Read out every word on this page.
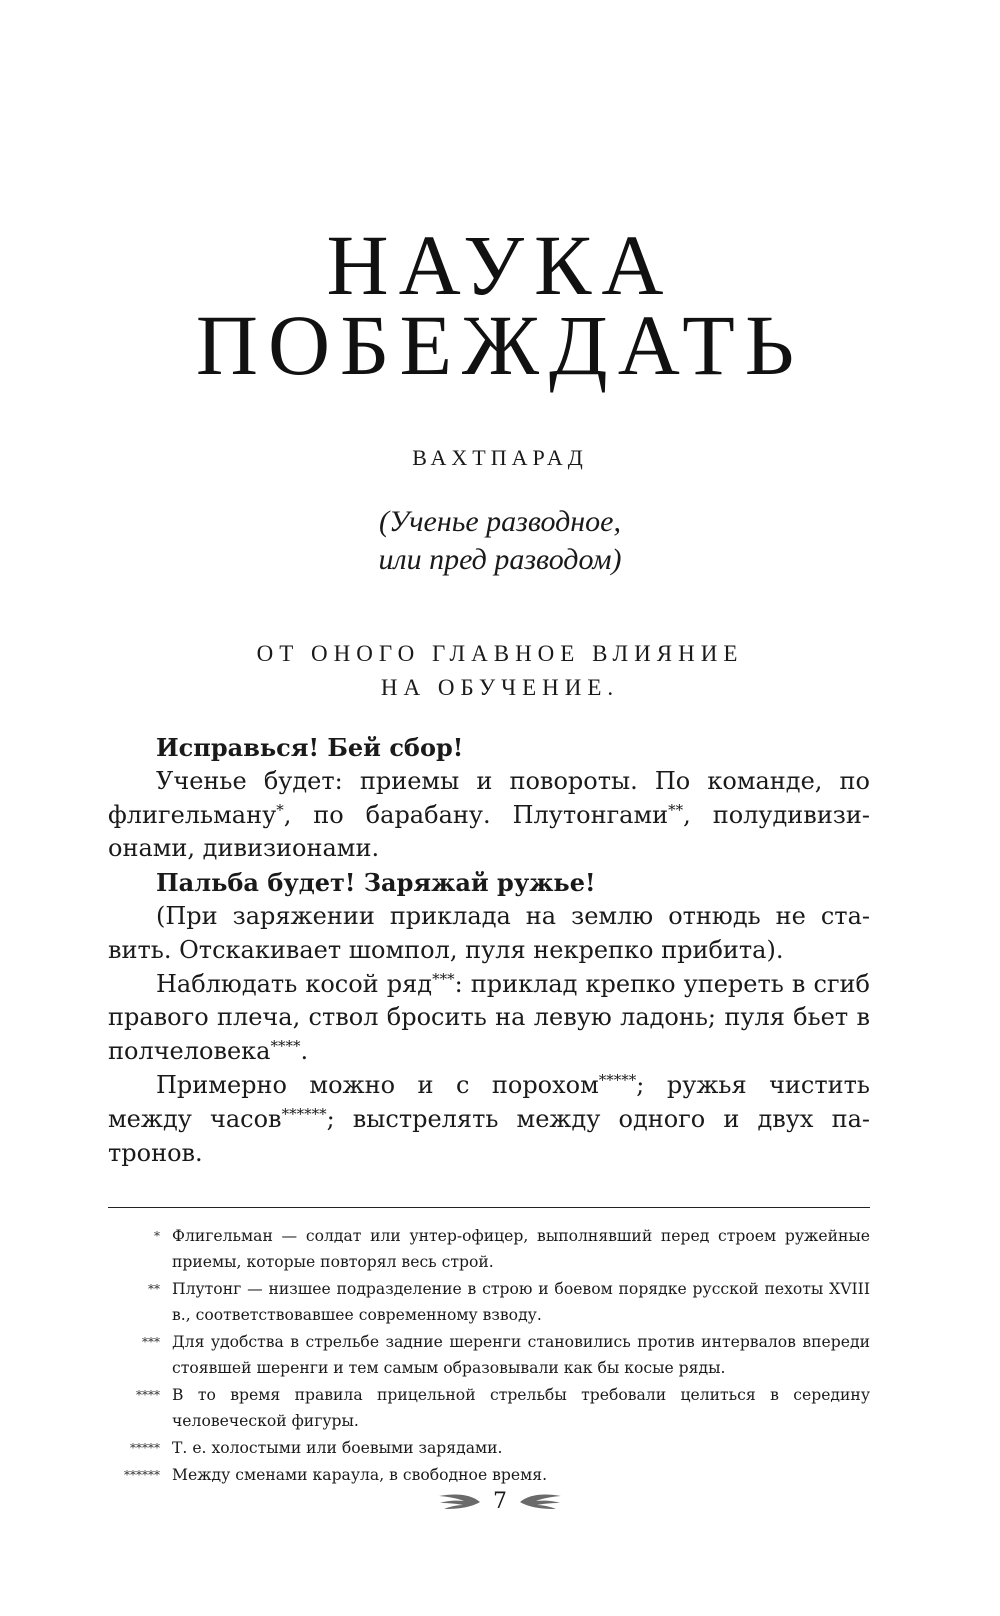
НАУКА
ПОБЕЖДАТЬ
ВАХТПАРАД
(Ученье разводное,
или пред разводом)
ОТ ОНОГО ГЛАВНОЕ ВЛИЯНИЕ
НА ОБУЧЕНИЕ.

Исправься! Бей сбор!

Ученье будет: приемы и повороты. По команде, по флигельману*, по барабану. Плутонгами**, полудивизионами, дивизионами.

Пальба будет! Заряжай ружье!

(При заряжении приклада на землю отнюдь не ставить. Отскакивает шомпол, пуля некрепко прибита).

Наблюдать косой ряд***: приклад крепко упереть в сгиб правого плеча, ствол бросить на левую ладонь; пуля бьет в полчеловека****.

Примерно можно и с порохом*****; ружья чистить между часов******; выстрелять между одного и двух патронов.

* Флигельман — солдат или унтер-офицер, выполнявший перед строем ружейные приемы, которые повторял весь строй.
** Плутонг — низшее подразделение в строю и боевом порядке русской пехоты XVIII в., соответствовавшее современному взводу.
*** Для удобства в стрельбе задние шеренги становились против интервалов впереди стоявшей шеренги и тем самым образовывали как бы косые ряды.
**** В то время правила прицельной стрельбы требовали целиться в середину человеческой фигуры.
***** Т. е. холостыми или боевыми зарядами.
****** Между сменами караула, в свободное время.
7
